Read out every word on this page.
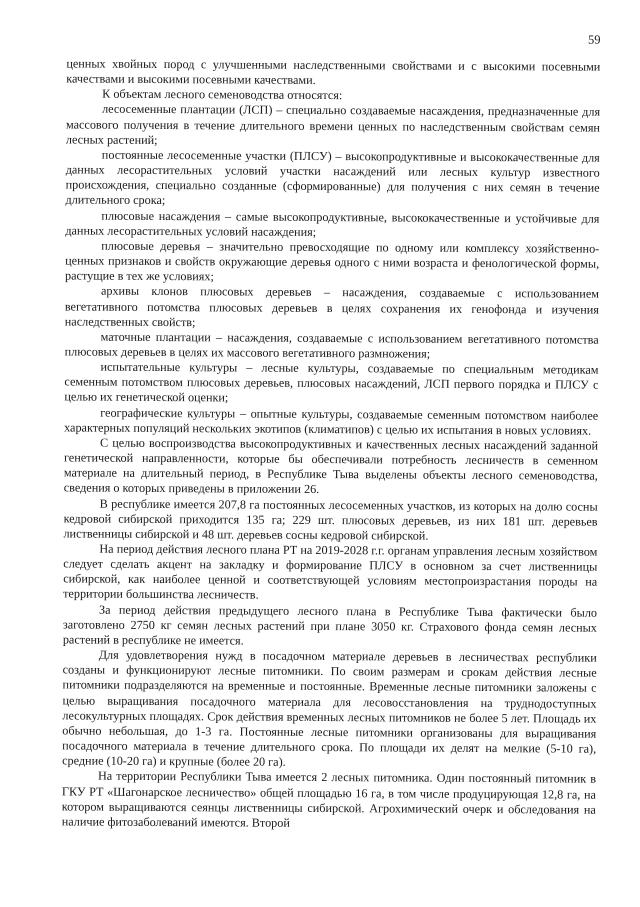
59

ценных хвойных пород с улучшенными наследственными свойствами и с высокими посевными качествами и высокими посевными качествами.

К объектам лесного семеноводства относятся:

лесосеменные плантации (ЛСП) – специально создаваемые насаждения, предназначенные для массового получения в течение длительного времени ценных по наследственным свойствам семян лесных растений;

постоянные лесосеменные участки (ПЛСУ) – высокопродуктивные и высококачественные для данных лесорастительных условий участки насаждений или лесных культур известного происхождения, специально созданные (сформированные) для получения с них семян в течение длительного срока;

плюсовые насаждения – самые высокопродуктивные, высококачественные и устойчивые для данных лесорастительных условий насаждения;

плюсовые деревья – значительно превосходящие по одному или комплексу хозяйственно-ценных признаков и свойств окружающие деревья одного с ними возраста и фенологической формы, растущие в тех же условиях;

архивы клонов плюсовых деревьев – насаждения, создаваемые с использованием вегетативного потомства плюсовых деревьев в целях сохранения их генофонда и изучения наследственных свойств;

маточные плантации – насаждения, создаваемые с использованием вегетативного потомства плюсовых деревьев в целях их массового вегетативного размножения;

испытательные культуры – лесные культуры, создаваемые по специальным методикам семенным потомством плюсовых деревьев, плюсовых насаждений, ЛСП первого порядка и ПЛСУ с целью их генетической оценки;

географические культуры – опытные культуры, создаваемые семенным потомством наиболее характерных популяций нескольких экотипов (климатипов) с целью их испытания в новых условиях.

С целью воспроизводства высокопродуктивных и качественных лесных насаждений заданной генетической направленности, которые бы обеспечивали потребность лесничеств в семенном материале на длительный период, в Республике Тыва выделены объекты лесного семеноводства, сведения о которых приведены в приложении 26.

В республике имеется 207,8 га постоянных лесосеменных участков, из которых на долю сосны кедровой сибирской приходится 135 га; 229 шт. плюсовых деревьев, из них 181 шт. деревьев лиственницы сибирской и 48 шт. деревьев сосны кедровой сибирской.

На период действия лесного плана РТ на 2019-2028 г.г. органам управления лесным хозяйством следует сделать акцент на закладку и формирование ПЛСУ в основном за счет лиственницы сибирской, как наиболее ценной и соответствующей условиям местопроизрастания породы на территории большинства лесничеств.

За период действия предыдущего лесного плана в Республике Тыва фактически было заготовлено 2750 кг семян лесных растений при плане 3050 кг. Страхового фонда семян лесных растений в республике не имеется.

Для удовлетворения нужд в посадочном материале деревьев в лесничествах республики созданы и функционируют лесные питомники. По своим размерам и срокам действия лесные питомники подразделяются на временные и постоянные. Временные лесные питомники заложены с целью выращивания посадочного материала для лесовосстановления на труднодоступных лесокультурных площадях. Срок действия временных лесных питомников не более 5 лет. Площадь их обычно небольшая, до 1-3 га. Постоянные лесные питомники организованы для выращивания посадочного материала в течение длительного срока. По площади их делят на мелкие (5-10 га), средние (10-20 га) и крупные (более 20 га).

На территории Республики Тыва имеется 2 лесных питомника. Один постоянный питомник в ГКУ РТ «Шагонарское лесничество» общей площадью 16 га, в том числе продуцирующая 12,8 га, на котором выращиваются сеянцы лиственницы сибирской. Агрохимический очерк и обследования на наличие фитозаболеваний имеются. Второй
